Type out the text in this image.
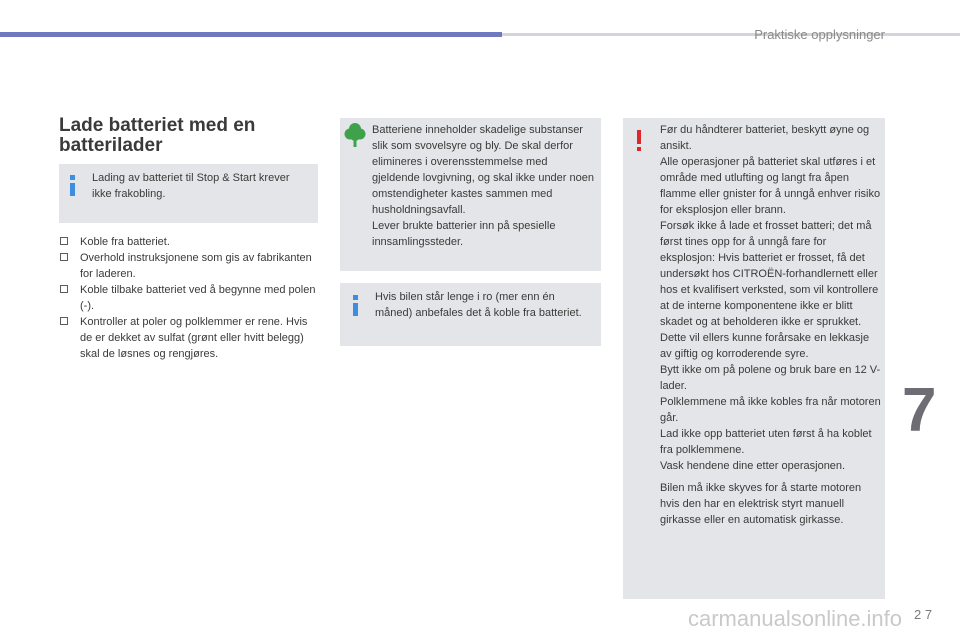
Praktiske opplysninger
Lade batteriet med en batterilader
Lading av batteriet til Stop & Start krever ikke frakobling.
Koble fra batteriet.
Overhold instruksjonene som gis av fabrikanten for laderen.
Koble tilbake batteriet ved å begynne med polen (-).
Kontroller at poler og polklemmer er rene. Hvis de er dekket av sulfat (grønt eller hvitt belegg) skal de løsnes og rengjøres.
Batteriene inneholder skadelige substanser slik som svovelsyre og bly. De skal derfor elimineres i overensstemmelse med gjeldende lovgivning, og skal ikke under noen omstendigheter kastes sammen med husholdningsavfall.
Lever brukte batterier inn på spesielle innsamlingssteder.
Hvis bilen står lenge i ro (mer enn én måned) anbefales det å koble fra batteriet.
Før du håndterer batteriet, beskytt øyne og ansikt.
Alle operasjoner på batteriet skal utføres i et område med utlufting og langt fra åpen flamme eller gnister for å unngå enhver risiko for eksplosjon eller brann.
Forsøk ikke å lade et frosset batteri; det må først tines opp for å unngå fare for eksplosjon: Hvis batteriet er frosset, få det undersøkt hos CITROËN-forhandlernett eller hos et kvalifisert verksted, som vil kontrollere at de interne komponentene ikke er blitt skadet og at beholderen ikke er sprukket. Dette vil ellers kunne forårsake en lekkasje av giftig og korroderende syre.
Bytt ikke om på polene og bruk bare en 12 V-lader.
Polklemmene må ikke kobles fra når motoren går.
Lad ikke opp batteriet uten først å ha koblet fra polklemmene.
Vask hendene dine etter operasjonen.
Bilen må ikke skyves for å starte motoren hvis den har en elektrisk styrt manuell girkasse eller en automatisk girkasse.
7
2 7
carmanualsonline.info
